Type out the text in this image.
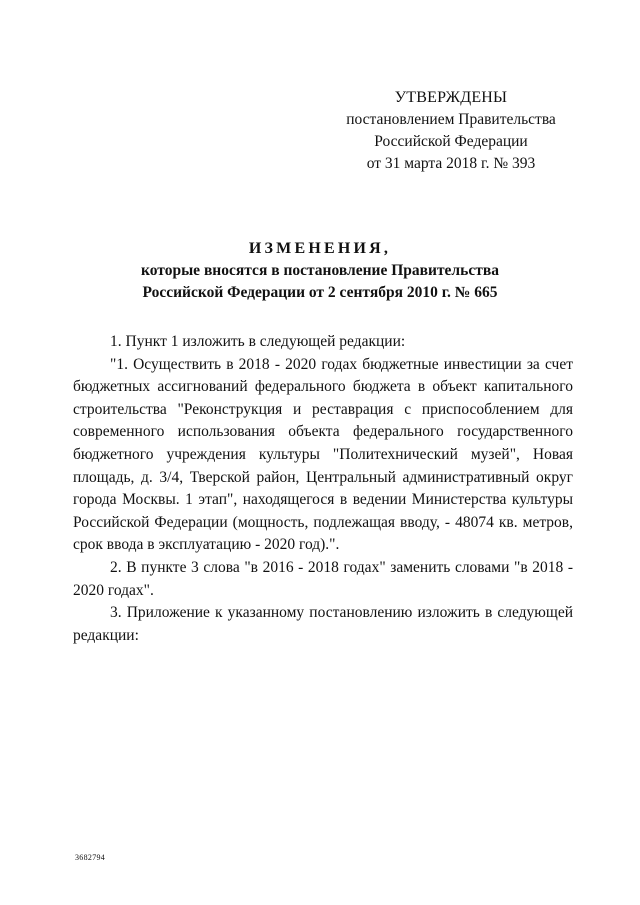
УТВЕРЖДЕНЫ
постановлением Правительства
Российской Федерации
от 31 марта 2018 г. № 393
ИЗМЕНЕНИЯ,
которые вносятся в постановление Правительства
Российской Федерации от 2 сентября 2010 г. № 665

1. Пункт 1 изложить в следующей редакции:

"1. Осуществить в 2018 - 2020 годах бюджетные инвестиции за счет бюджетных ассигнований федерального бюджета в объект капитального строительства "Реконструкция и реставрация с приспособлением для современного использования объекта федерального государственного бюджетного учреждения культуры "Политехнический музей", Новая площадь, д. 3/4, Тверской район, Центральный административный округ города Москвы. 1 этап", находящегося в ведении Министерства культуры Российской Федерации (мощность, подлежащая вводу, - 48074 кв. метров, срок ввода в эксплуатацию - 2020 год).".

2. В пункте 3 слова "в 2016 - 2018 годах" заменить словами "в 2018 - 2020 годах".

3. Приложение к указанному постановлению изложить в следующей редакции:

3682794
